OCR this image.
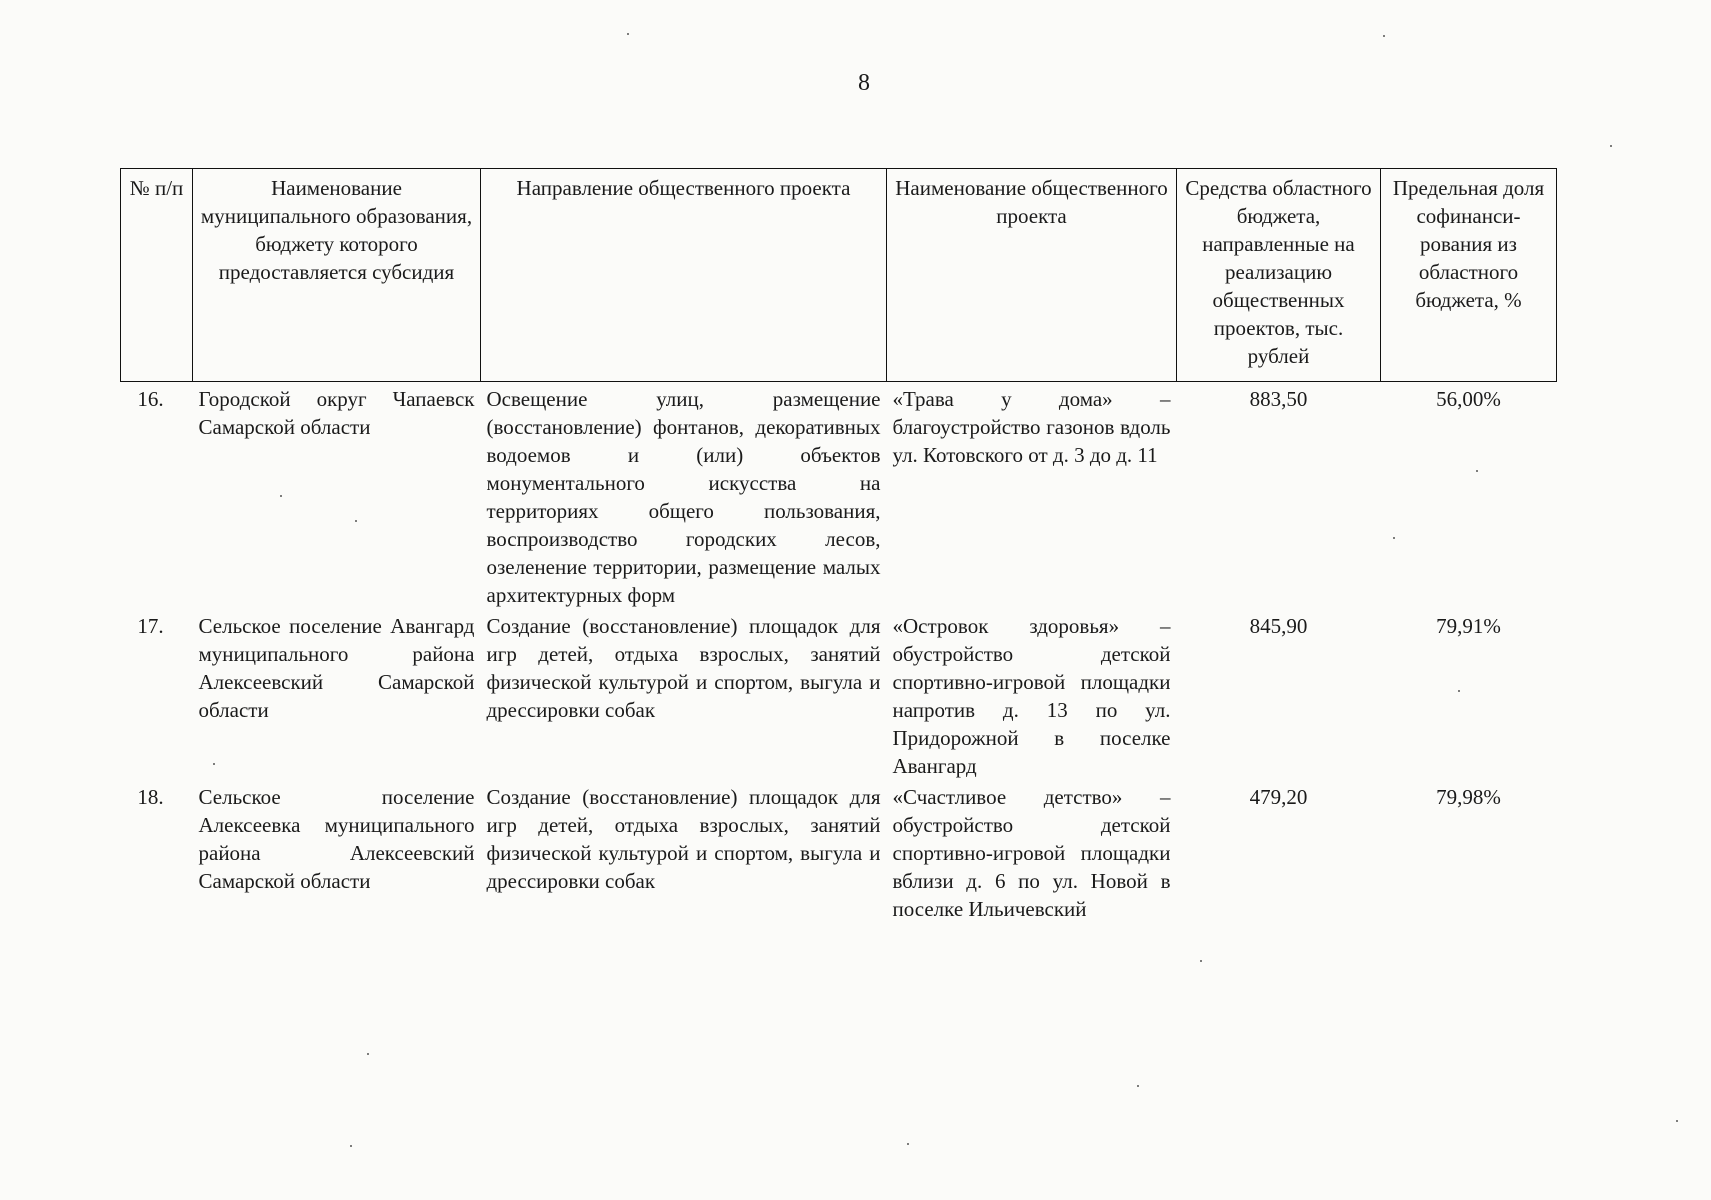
8
№ п/п	Наименование муниципального образования, бюджету которого предоставляется субсидия	Направление общественного проекта	Наименование общественного проекта	Средства областного бюджета, направленные на реализацию общественных проектов, тыс. рублей	Предельная доля софинанси-рования из областного бюджета, %
16.	Городской округ Чапаевск Самарской области	Освещение улиц, размещение (восстановление) фонтанов, декоративных водоемов и (или) объектов монументального искусства на территориях общего пользования, воспроизводство городских лесов, озеленение территории, размещение малых архитектурных форм	«Трава у дома» – благоустройство газонов вдоль ул. Котовского от д. 3 до д. 11	883,50	56,00%
17.	Сельское поселение Авангард муниципального района Алексеевский Самарской области	Создание (восстановление) площадок для игр детей, отдыха взрослых, занятий физической культурой и спортом, выгула и дрессировки собак	«Островок здоровья» – обустройство детской спортивно-игровой площадки напротив д. 13 по ул. Придорожной в поселке Авангард	845,90	79,91%
18.	Сельское поселение Алексеевка муниципального района Алексеевский Самарской области	Создание (восстановление) площадок для игр детей, отдыха взрослых, занятий физической культурой и спортом, выгула и дрессировки собак	«Счастливое детство» – обустройство детской спортивно-игровой площадки вблизи д. 6 по ул. Новой в поселке Ильичевский	479,20	79,98%
